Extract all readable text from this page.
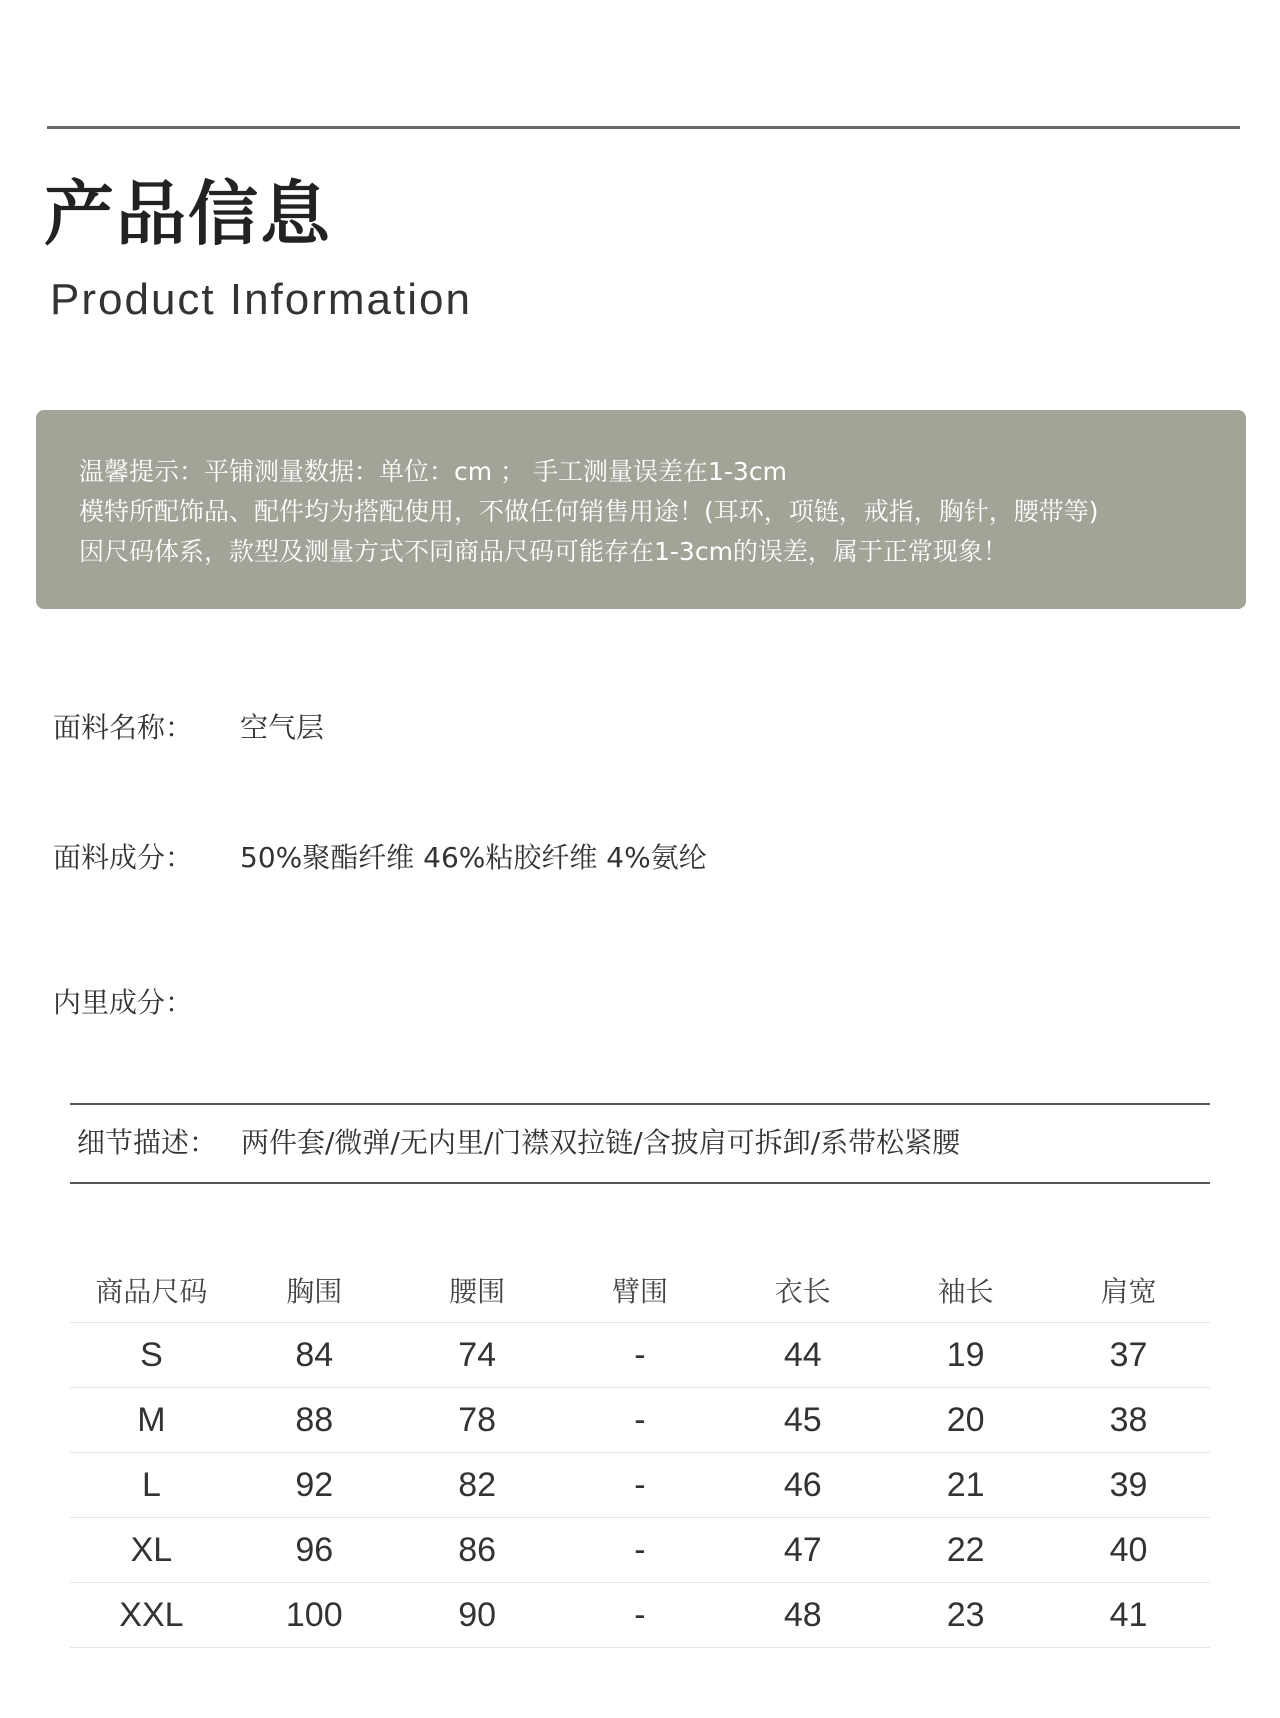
产品信息
Product Information
温馨提示：平铺测量数据：单位：cm ； 手工测量误差在1-3cm
模特所配饰品、配件均为搭配使用，不做任何销售用途！(耳环，项链，戒指，胸针，腰带等)
因尺码体系，款型及测量方式不同商品尺码可能存在1-3cm的误差，属于正常现象！
面料名称： 空气层
面料成分： 50%聚酯纤维 46%粘胶纤维 4%氨纶
内里成分：
细节描述： 两件套/微弹/无内里/门襟双拉链/含披肩可拆卸/系带松紧腰
商品尺码	胸围	腰围	臂围	衣长	袖长	肩宽
S	84	74	-	44	19	37
M	88	78	-	45	20	38
L	92	82	-	46	21	39
XL	96	86	-	47	22	40
XXL	100	90	-	48	23	41
